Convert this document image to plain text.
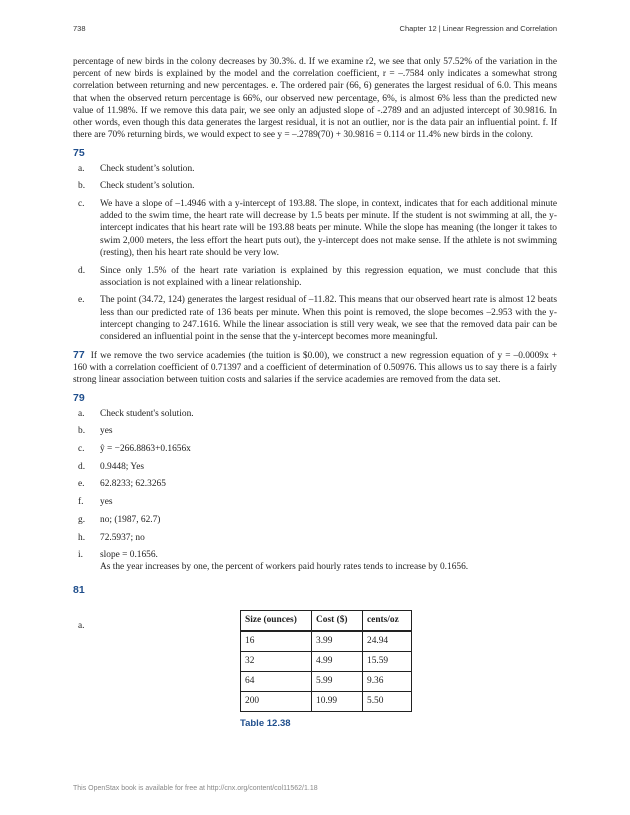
738	Chapter 12 | Linear Regression and Correlation

percentage of new birds in the colony decreases by 30.3%. d. If we examine r2, we see that only 57.52% of the variation in the percent of new birds is explained by the model and the correlation coefficient, r = –.7584 only indicates a somewhat strong correlation between returning and new percentages. e. The ordered pair (66, 6) generates the largest residual of 6.0. This means that when the observed return percentage is 66%, our observed new percentage, 6%, is almost 6% less than the predicted new value of 11.98%. If we remove this data pair, we see only an adjusted slope of -.2789 and an adjusted intercept of 30.9816. In other words, even though this data generates the largest residual, it is not an outlier, nor is the data pair an influential point. f. If there are 70% returning birds, we would expect to see y = –.2789(70) + 30.9816 = 0.114 or 11.4% new birds in the colony.

75
a.	Check student’s solution.
b.	Check student’s solution.
c.	We have a slope of –1.4946 with a y-intercept of 193.88. The slope, in context, indicates that for each additional minute added to the swim time, the heart rate will decrease by 1.5 beats per minute. If the student is not swimming at all, the y-intercept indicates that his heart rate will be 193.88 beats per minute. While the slope has meaning (the longer it takes to swim 2,000 meters, the less effort the heart puts out), the y-intercept does not make sense. If the athlete is not swimming (resting), then his heart rate should be very low.
d.	Since only 1.5% of the heart rate variation is explained by this regression equation, we must conclude that this association is not explained with a linear relationship.
e.	The point (34.72, 124) generates the largest residual of –11.82. This means that our observed heart rate is almost 12 beats less than our predicted rate of 136 beats per minute. When this point is removed, the slope becomes –2.953 with the y-intercept changing to 247.1616. While the linear association is still very weak, we see that the removed data pair can be considered an influential point in the sense that the y-intercept becomes more meaningful.

77 If we remove the two service academies (the tuition is $0.00), we construct a new regression equation of y = –0.0009x + 160 with a correlation coefficient of 0.71397 and a coefficient of determination of 0.50976. This allows us to say there is a fairly strong linear association between tuition costs and salaries if the service academies are removed from the data set.

79
a.	Check student's solution.
b.	yes
c.	ŷ = −266.8863+0.1656x
d.	0.9448; Yes
e.	62.8233; 62.3265
f.	yes
g.	no; (1987, 62.7)
h.	72.5937; no
i.	slope = 0.1656.
As the year increases by one, the percent of workers paid hourly rates tends to increase by 0.1656.
81
a.
Size (ounces)	Cost ($)	cents/oz
16	3.99	24.94
32	4.99	15.59
64	5.99	9.36
200	10.99	5.50
Table 12.38
This OpenStax book is available for free at http://cnx.org/content/col11562/1.18
